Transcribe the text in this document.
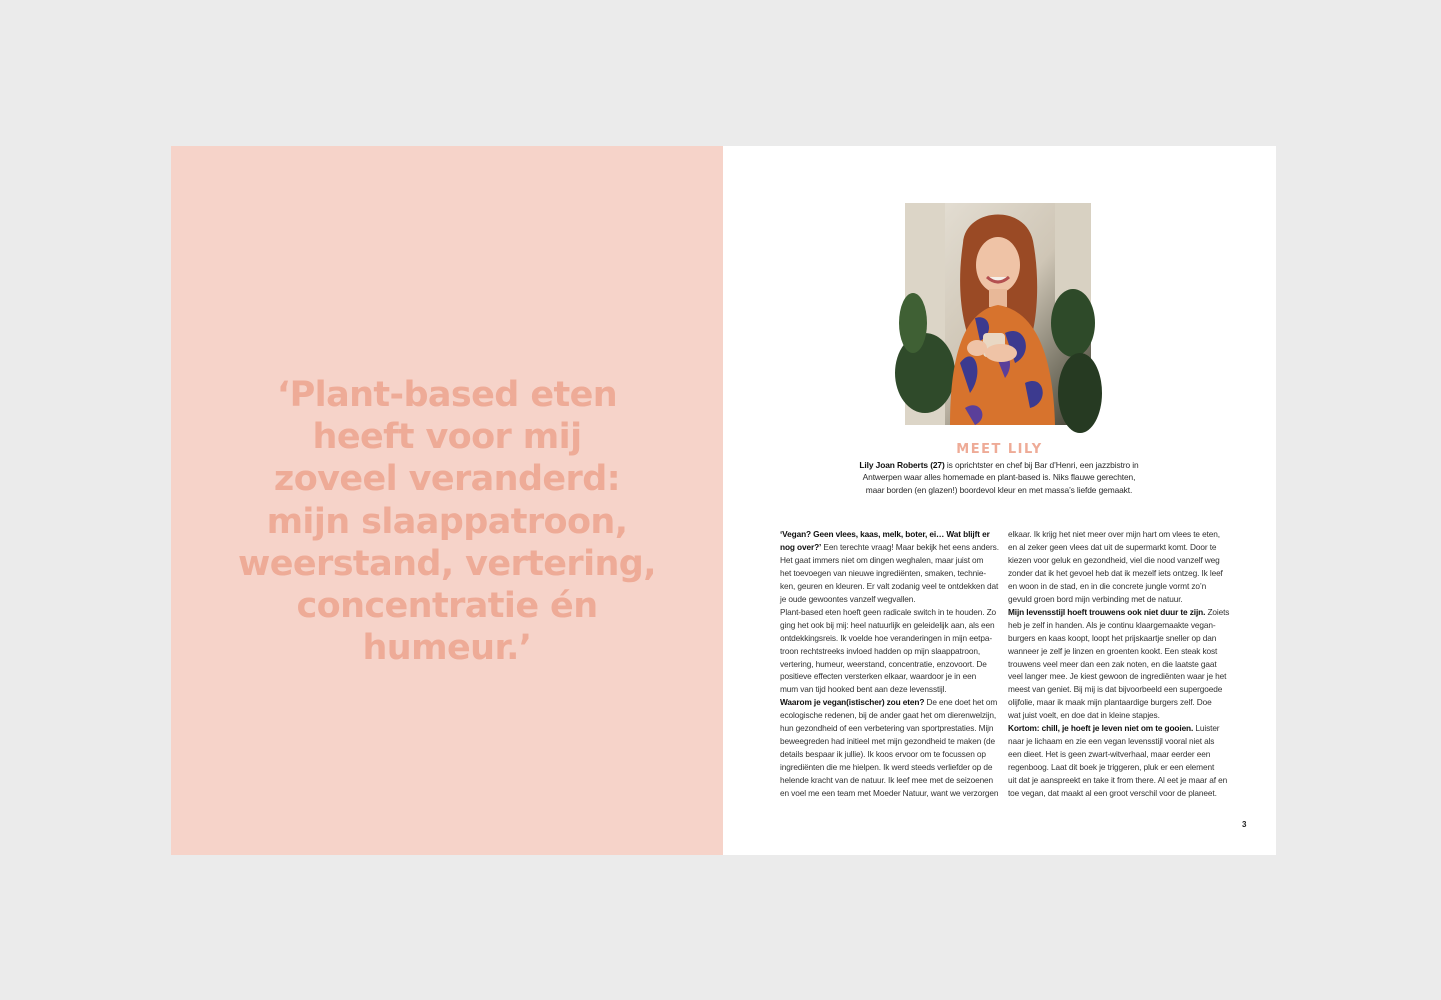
‘Plant-based eten
heeft voor mij
zoveel veranderd:
mijn slaappatroon,
weerstand, vertering,
concentratie én
humeur.’
MEET LILY
Lily Joan Roberts (27) is oprichtster en chef bij Bar d’Henri, een jazzbistro in
Antwerpen waar alles homemade en plant-based is. Niks flauwe gerechten,
maar borden (en glazen!) boordevol kleur en met massa’s liefde gemaakt.
‘Vegan? Geen vlees, kaas, melk, boter, ei… Wat blijft er
nog over?’ Een terechte vraag! Maar bekijk het eens anders.
Het gaat immers niet om dingen weghalen, maar juist om
het toevoegen van nieuwe ingrediënten, smaken, technie-
ken, geuren en kleuren. Er valt zodanig veel te ontdekken dat
je oude gewoontes vanzelf wegvallen.
Plant-based eten hoeft geen radicale switch in te houden. Zo
ging het ook bij mij: heel natuurlijk en geleidelijk aan, als een
ontdekkingsreis. Ik voelde hoe veranderingen in mijn eetpa-
troon rechtstreeks invloed hadden op mijn slaappatroon,
vertering, humeur, weerstand, concentratie, enzovoort. De
positieve effecten versterken elkaar, waardoor je in een
mum van tijd hooked bent aan deze levensstijl.
Waarom je vegan(istischer) zou eten? De ene doet het om
ecologische redenen, bij de ander gaat het om dierenwelzijn,
hun gezondheid of een verbetering van sportprestaties. Mijn
beweegreden had initieel met mijn gezondheid te maken (de
details bespaar ik jullie). Ik koos ervoor om te focussen op
ingrediënten die me hielpen. Ik werd steeds verliefder op de
helende kracht van de natuur. Ik leef mee met de seizoenen
en voel me een team met Moeder Natuur, want we verzorgen
elkaar. Ik krijg het niet meer over mijn hart om vlees te eten,
en al zeker geen vlees dat uit de supermarkt komt. Door te
kiezen voor geluk en gezondheid, viel die nood vanzelf weg
zonder dat ik het gevoel heb dat ik mezelf iets ontzeg. Ik leef
en woon in de stad, en in die concrete jungle vormt zo’n
gevuld groen bord mijn verbinding met de natuur.
Mijn levensstijl hoeft trouwens ook niet duur te zijn. Zoiets
heb je zelf in handen. Als je continu klaargemaakte vegan-
burgers en kaas koopt, loopt het prijskaartje sneller op dan
wanneer je zelf je linzen en groenten kookt. Een steak kost
trouwens veel meer dan een zak noten, en die laatste gaat
veel langer mee. Je kiest gewoon de ingrediënten waar je het
meest van geniet. Bij mij is dat bijvoorbeeld een supergoede
olijfolie, maar ik maak mijn plantaardige burgers zelf. Doe
wat juist voelt, en doe dat in kleine stapjes.
Kortom: chill, je hoeft je leven niet om te gooien. Luister
naar je lichaam en zie een vegan levensstijl vooral niet als
een dieet. Het is geen zwart-witverhaal, maar eerder een
regenboog. Laat dit boek je triggeren, pluk er een element
uit dat je aanspreekt en take it from there. Al eet je maar af en
toe vegan, dat maakt al een groot verschil voor de planeet.
3
